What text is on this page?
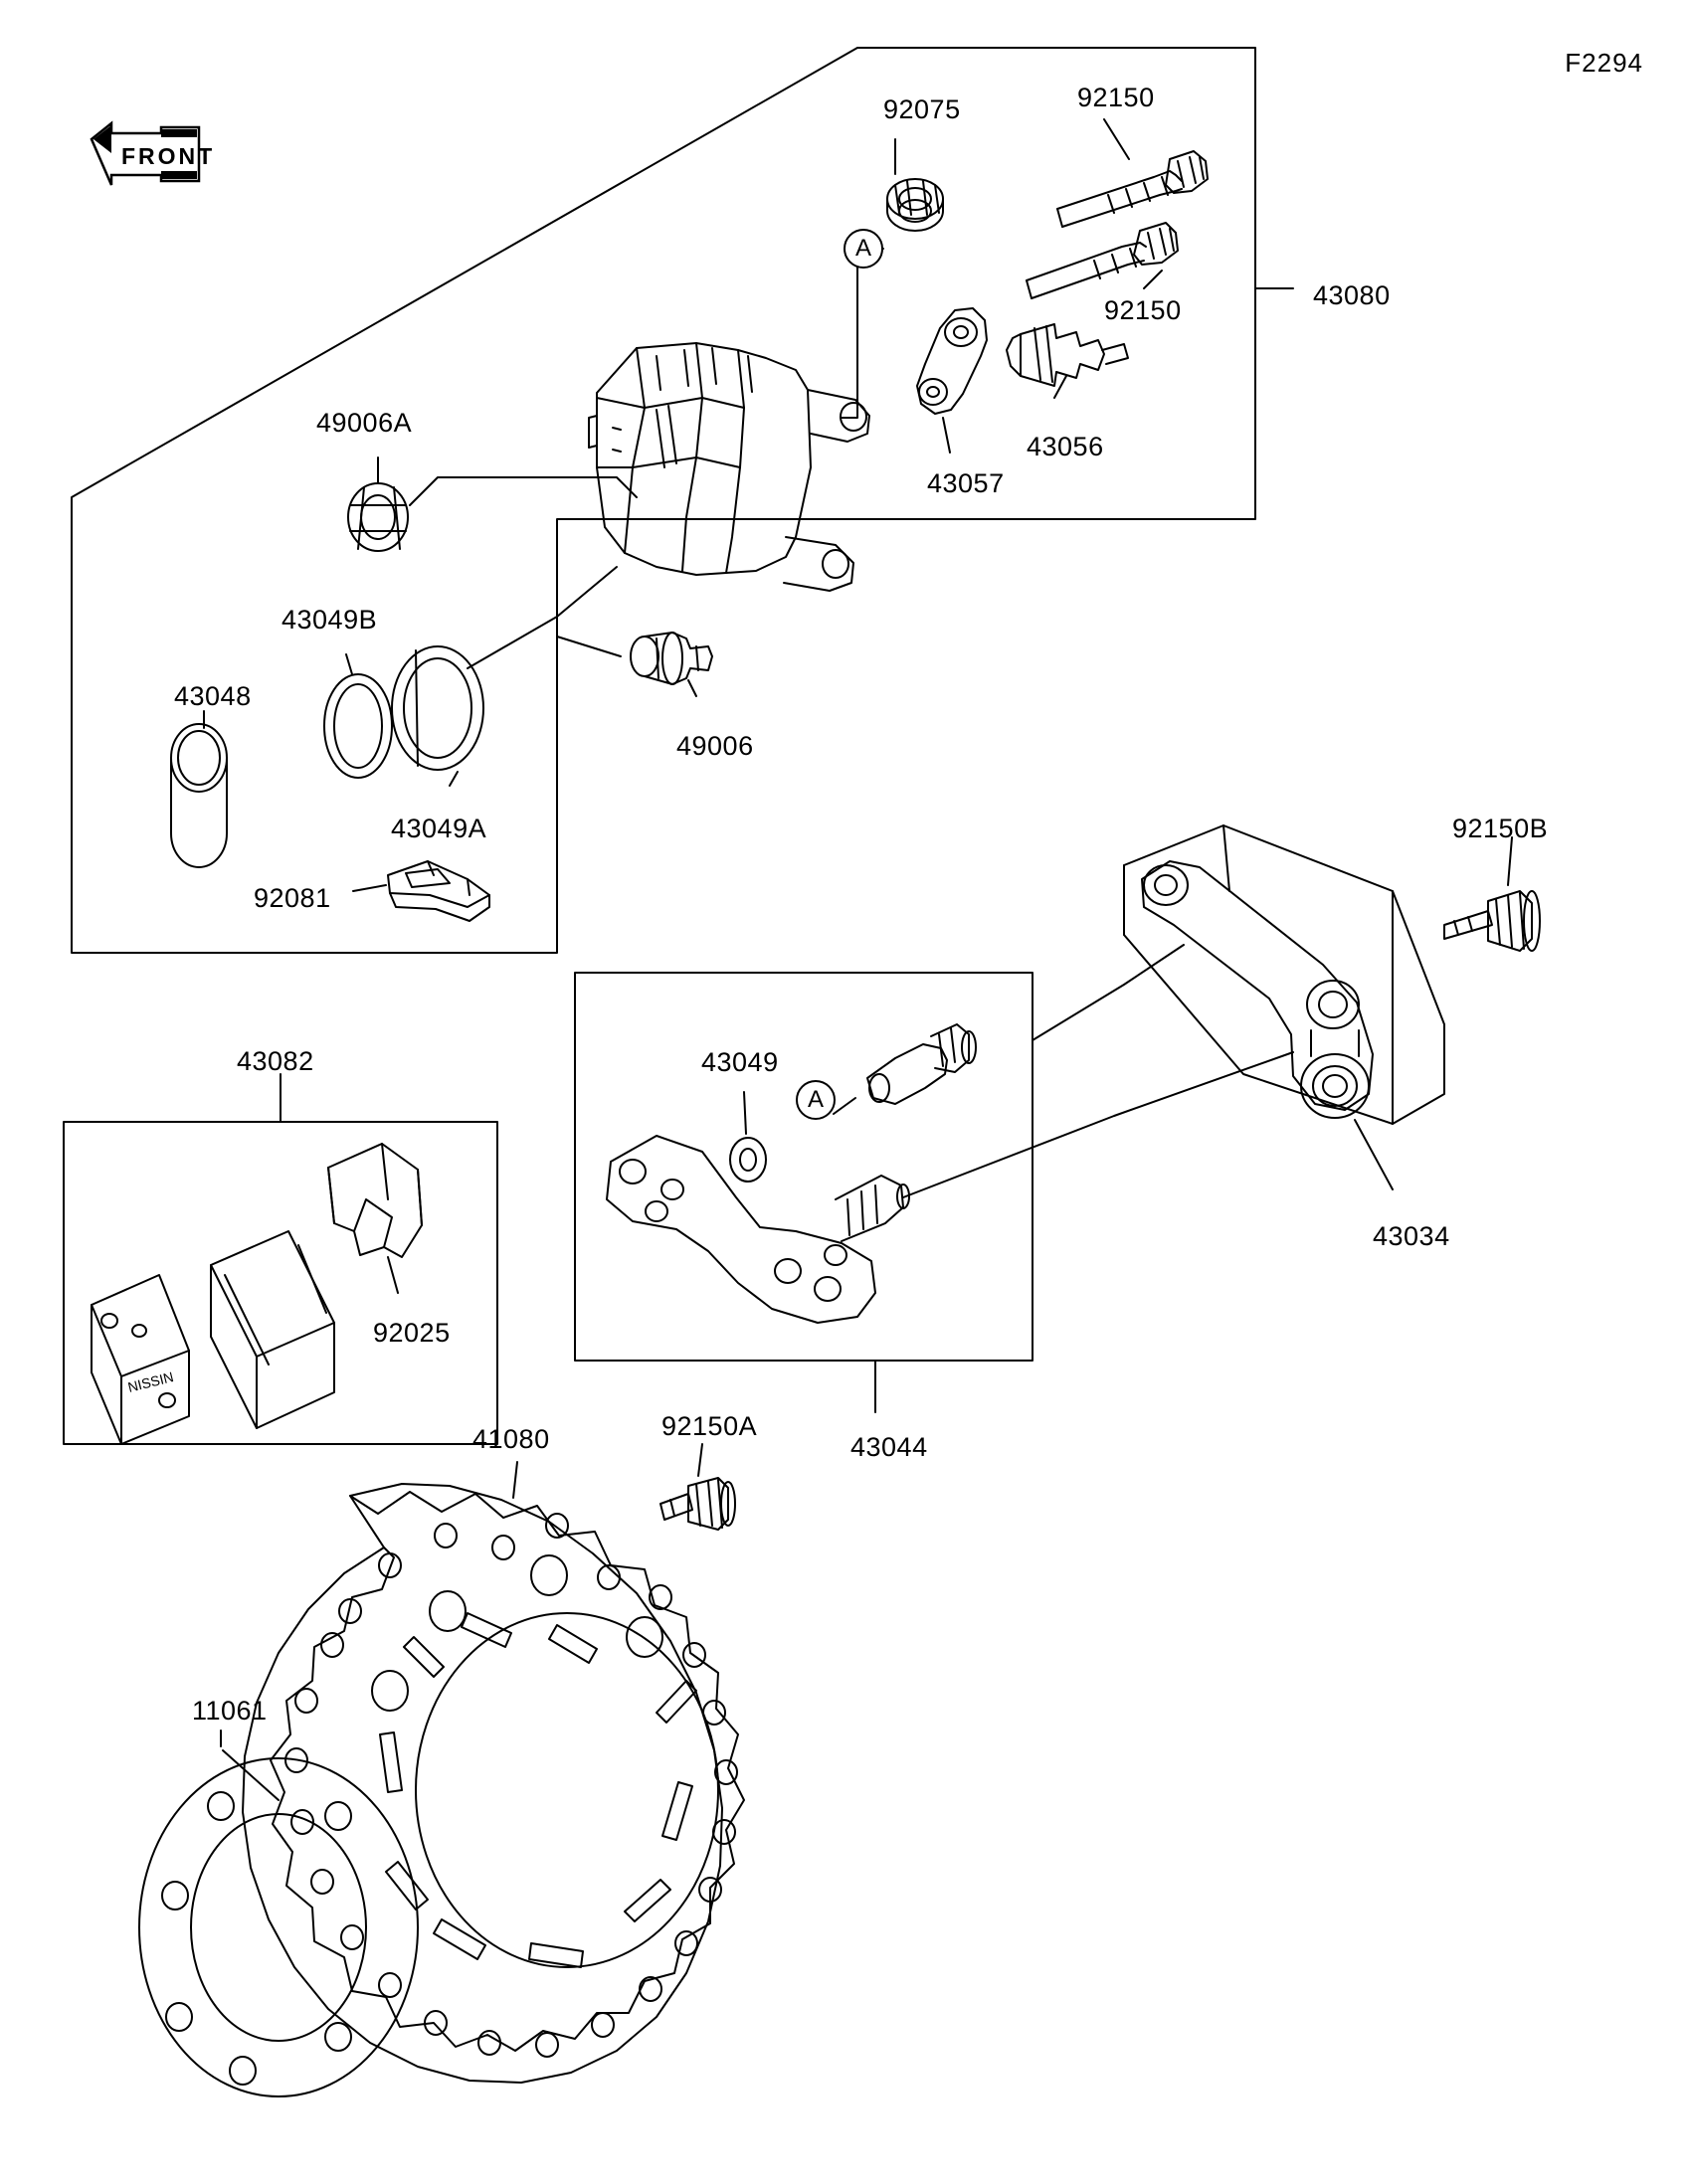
F2294
FRONT
NISSIN
A
A
92075	92150
92150	43080
43056
43057
49006A
43049B
43048
43049A
49006
92081
92150B
43034
43049
43082
92025
43044
41080	92150A
11061
